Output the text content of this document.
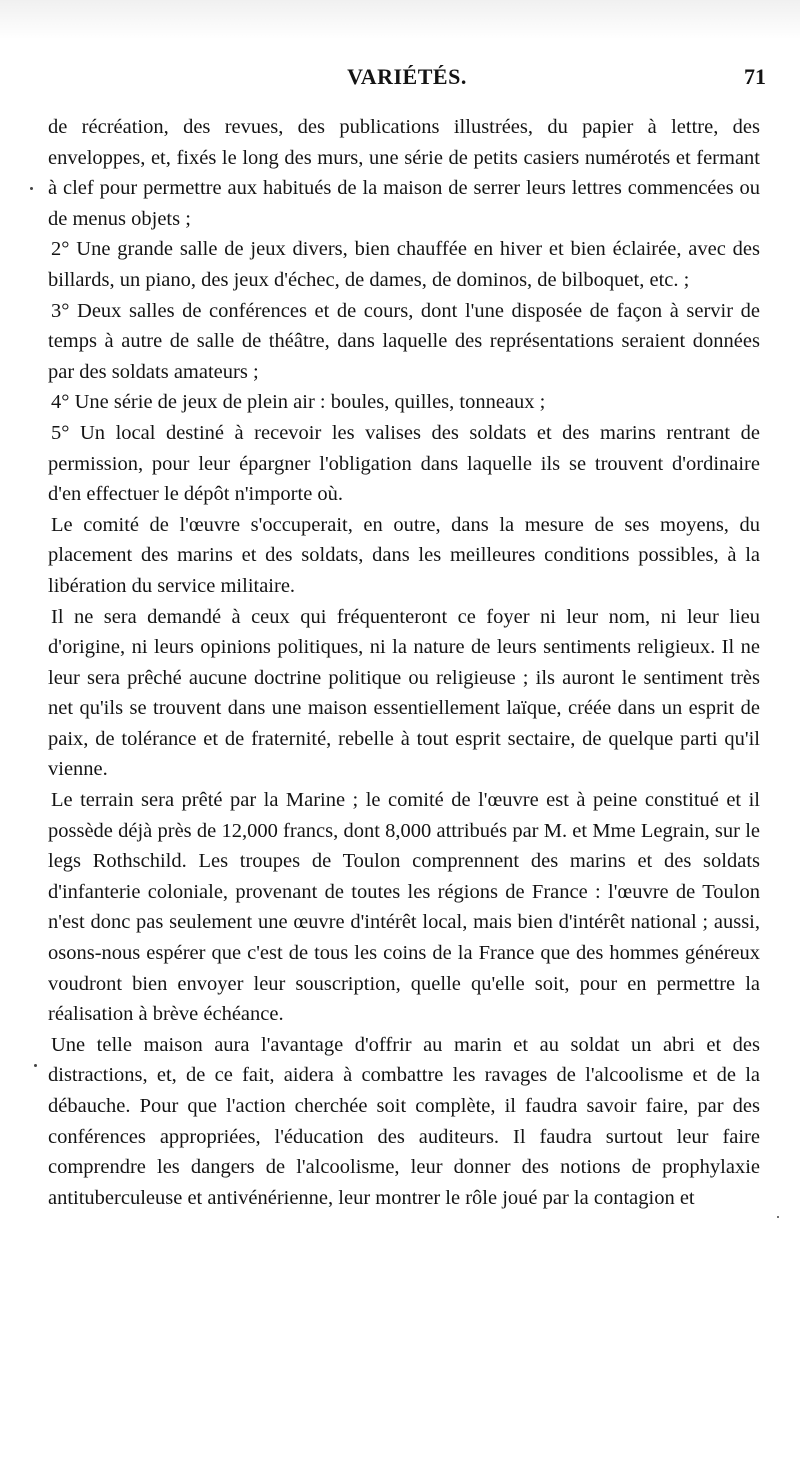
VARIÉTÉS.	71

de récréation, des revues, des publications illustrées, du papier à lettre, des enveloppes, et, fixés le long des murs, une série de petits casiers numérotés et fermant à clef pour permettre aux habitués de la maison de serrer leurs lettres commencées ou de menus objets ;

2° Une grande salle de jeux divers, bien chauffée en hiver et bien éclairée, avec des billards, un piano, des jeux d'échec, de dames, de dominos, de bilboquet, etc. ;

3° Deux salles de conférences et de cours, dont l'une disposée de façon à servir de temps à autre de salle de théâtre, dans laquelle des représentations seraient données par des soldats amateurs ;

4° Une série de jeux de plein air : boules, quilles, tonneaux ;

5° Un local destiné à recevoir les valises des soldats et des marins rentrant de permission, pour leur épargner l'obligation dans laquelle ils se trouvent d'ordinaire d'en effectuer le dépôt n'importe où.

Le comité de l'œuvre s'occuperait, en outre, dans la mesure de ses moyens, du placement des marins et des soldats, dans les meilleures conditions possibles, à la libération du service militaire.

Il ne sera demandé à ceux qui fréquenteront ce foyer ni leur nom, ni leur lieu d'origine, ni leurs opinions politiques, ni la nature de leurs sentiments religieux. Il ne leur sera prêché aucune doctrine politique ou religieuse ; ils auront le sentiment très net qu'ils se trouvent dans une maison essentiellement laïque, créée dans un esprit de paix, de tolérance et de fraternité, rebelle à tout esprit sectaire, de quelque parti qu'il vienne.

Le terrain sera prêté par la Marine ; le comité de l'œuvre est à peine constitué et il possède déjà près de 12,000 francs, dont 8,000 attribués par M. et Mme Legrain, sur le legs Rothschild. Les troupes de Toulon comprennent des marins et des soldats d'infanterie coloniale, provenant de toutes les régions de France : l'œuvre de Toulon n'est donc pas seulement une œuvre d'intérêt local, mais bien d'intérêt national ; aussi, osons-nous espérer que c'est de tous les coins de la France que des hommes généreux voudront bien envoyer leur souscription, quelle qu'elle soit, pour en permettre la réalisation à brève échéance.

Une telle maison aura l'avantage d'offrir au marin et au soldat un abri et des distractions, et, de ce fait, aidera à combattre les ravages de l'alcoolisme et de la débauche. Pour que l'action cherchée soit complète, il faudra savoir faire, par des conférences appropriées, l'éducation des auditeurs. Il faudra surtout leur faire comprendre les dangers de l'alcoolisme, leur donner des notions de prophylaxie antituberculeuse et antivénérienne, leur montrer le rôle joué par la contagion et
